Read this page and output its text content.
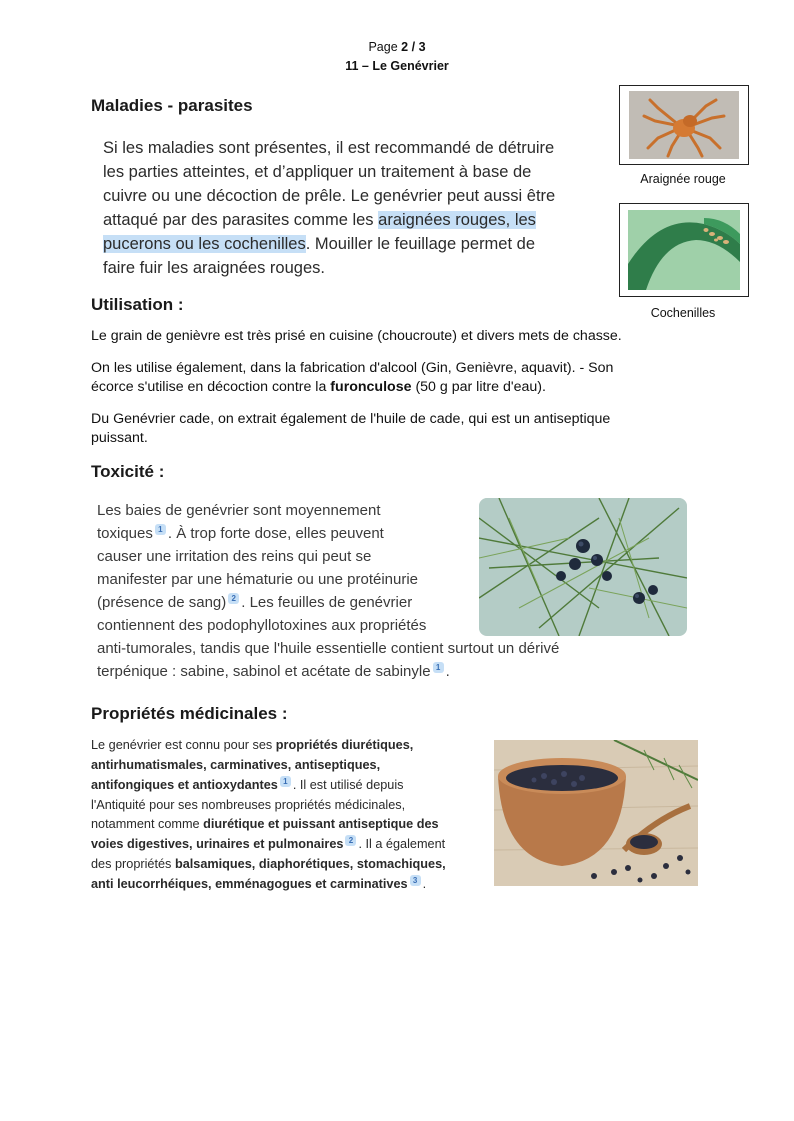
Page 2 / 3
11 – Le Genévrier
Maladies - parasites
Si les maladies sont présentes, il est recommandé de détruire
les parties atteintes, et d’appliquer un traitement à base de
cuivre ou une décoction de prêle. Le genévrier peut aussi être
attaqué par des parasites comme les araignées rouges, les
pucerons ou les cochenilles. Mouiller le feuillage permet de
faire fuir les araignées rouges.
Araignée rouge
Cochenilles
Utilisation :
Le grain de genièvre est très prisé en cuisine (choucroute) et divers mets de chasse.
On les utilise également, dans la fabrication d'alcool (Gin, Genièvre, aquavit). - Son
écorce s'utilise en décoction contre la furonculose (50 g par litre d'eau).
Du Genévrier cade, on extrait également de l'huile de cade, qui est un antiseptique
puissant.
Toxicité :
Les baies de genévrier sont moyennement
toxiques 1 . À trop forte dose, elles peuvent
causer une irritation des reins qui peut se
manifester par une hématurie ou une protéinurie
(présence de sang) 2 . Les feuilles de genévrier
contiennent des podophyllotoxines aux propriétés
anti-tumorales, tandis que l'huile essentielle contient surtout un dérivé
terpénique : sabine, sabinol et acétate de sabinyle 1 .
Propriétés médicinales :
Le genévrier est connu pour ses propriétés diurétiques,
antirhumatismales, carminatives, antiseptiques,
antifongiques et antioxydantes 1 . Il est utilisé depuis
l'Antiquité pour ses nombreuses propriétés médicinales,
notamment comme diurétique et puissant antiseptique des
voies digestives, urinaires et pulmonaires 2 . Il a également
des propriétés balsamiques, diaphorétiques, stomachiques,
anti leucorrhéiques, emménagogues et carminatives 3 .
